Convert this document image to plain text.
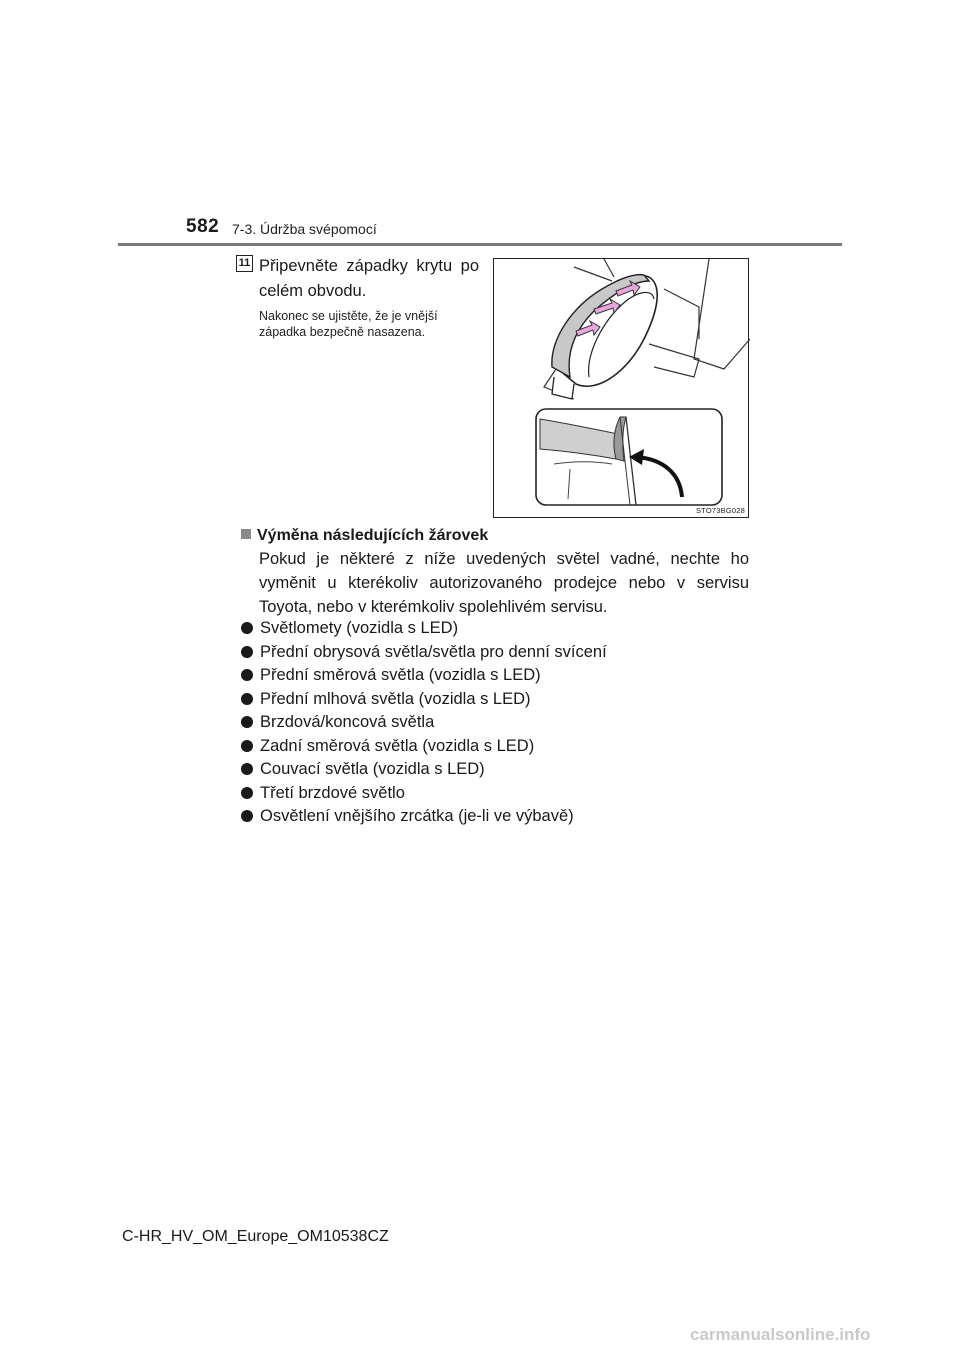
582 7-3. Údržba svépomocí
11 Připevněte západky krytu po celém obvodu.
Nakonec se ujistěte, že je vnější západka bezpečně nasazena.
STO73BG028
Výměna následujících žárovek
Pokud je některé z níže uvedených světel vadné, nechte ho vyměnit u kterékoliv autorizovaného prodejce nebo v servisu Toyota, nebo v kterémkoliv spolehlivém servisu.
Světlomety (vozidla s LED)
Přední obrysová světla/světla pro denní svícení
Přední směrová světla (vozidla s LED)
Přední mlhová světla (vozidla s LED)
Brzdová/koncová světla
Zadní směrová světla (vozidla s LED)
Couvací světla (vozidla s LED)
Třetí brzdové světlo
Osvětlení vnějšího zrcátka (je-li ve výbavě)
C-HR_HV_OM_Europe_OM10538CZ
carmanualsonline.info
